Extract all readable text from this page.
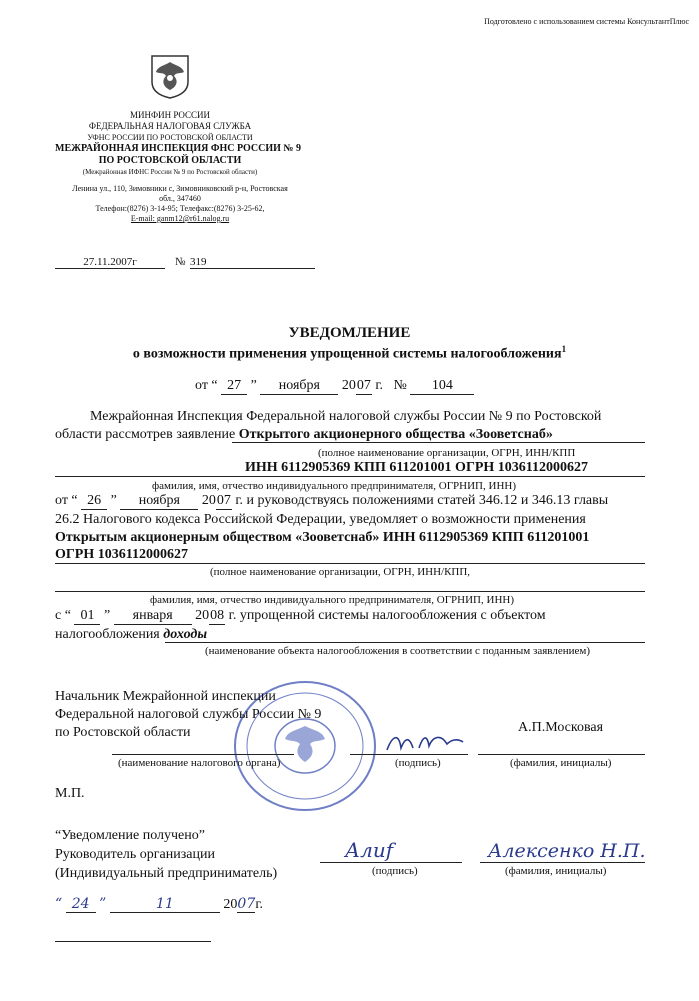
Подготовлено с использованием системы КонсультантПлюс
МИНФИН РОССИИ
ФЕДЕРАЛЬНАЯ НАЛОГОВАЯ СЛУЖБА
УФНС РОССИИ ПО РОСТОВСКОЙ ОБЛАСТИ
МЕЖРАЙОННАЯ ИНСПЕКЦИЯ ФНС РОССИИ № 9
ПО РОСТОВСКОЙ ОБЛАСТИ
(Межрайонная ИФНС России № 9 по Ростовской области)
Ленина ул., 110, Зимовники с, Зимовниковский р-н, Ростовская
обл., 347460
Телефон:(8276) 3-14-95; Телефакс:(8276) 3-25-62,
E-mail: ganm12@r61.nalog.ru
27.11.2007г	№ 319
УВЕДОМЛЕНИЕ
о возможности применения упрощенной системы налогообложения$^1$
от “ 27 ” ноября 2007 г. № 104
Межрайонная Инспекция Федеральной налоговой службы России № 9 по Ростовской
области рассмотрев заявление Открытого акционерного общества «Зооветснаб»
(полное наименование организации, ОГРН, ИНН/КПП
ИНН 6112905369 КПП 611201001 ОГРН 1036112000627
фамилия, имя, отчество индивидуального предпринимателя, ОГРНИП, ИНН)
от “ 26 ” ноября 2007 г. и руководствуясь положениями статей 346.12 и 346.13 главы
26.2 Налогового кодекса Российской Федерации, уведомляет о возможности применения
Открытым акционерным обществом «Зооветснаб» ИНН 6112905369 КПП 611201001
ОГРН 1036112000627
(полное наименование организации, ОГРН, ИНН/КПП,
фамилия, имя, отчество индивидуального предпринимателя, ОГРНИП, ИНН)
с “ 01 ” января 2008 г. упрощенной системы налогообложения с объектом
налогообложения доходы
(наименование объекта налогообложения в соответствии с поданным заявлением)
Начальник Межрайонной инспекции
Федеральной налоговой службы России № 9
по Ростовской области	А.П.Московая
(наименование налогового органа)	(подпись)	(фамилия, инициалы)
М.П.
“Уведомление получено”
Руководитель организации
(Индивидуальный предприниматель)
Алиf	Алексенко Н.П.
(подпись)	(фамилия, инициалы)
“ 24 ”	11	2007г.
